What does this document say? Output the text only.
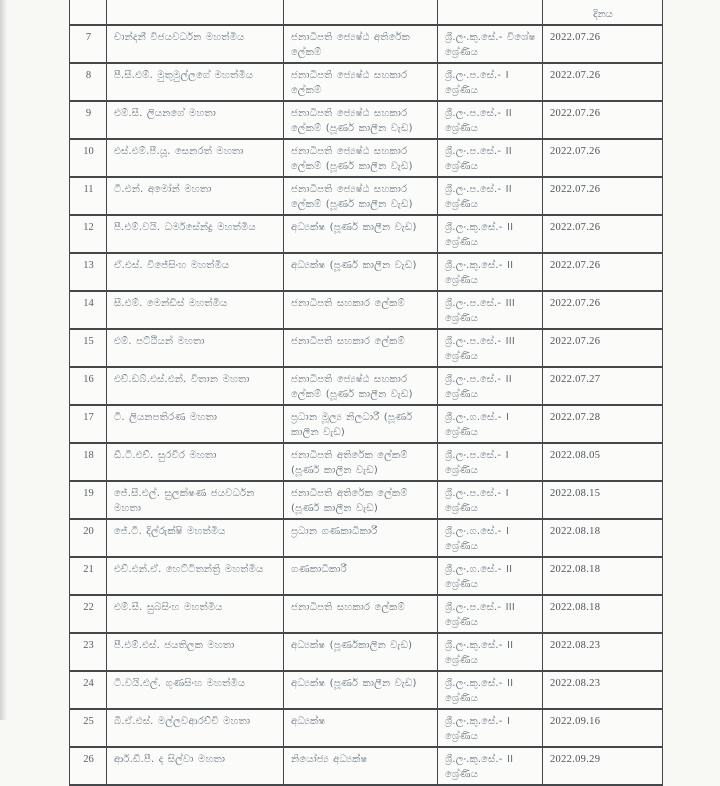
				දිනය
7	චාන්දනී විජයවර්ධන මහත්මිය	ජනාධිපති ජ්‍යෙෂ්ඨ අතිරේක ලේකම්	ශ්‍රී.ලං.කු.සේ.- විශේෂ ශ්‍රේණිය	2022.07.26
8	පී.සී.එම්. මුතුමුල්ලගේ මහත්මිය	ජනාධිපති ජ්‍යෙෂ්ඨ සහකාර ලේකම්	ශ්‍රී.ලං.ප.සේ.- I ශ්‍රේණිය	2022.07.26
9	එම්.සී. ලියනගේ මහතා	ජනාධිපති ජ්‍යෙෂ්ඨ සහකාර ලේකම් (පූර්ණ කාලීන වැඩ)	ශ්‍රී.ලං.ප.සේ.- II ශ්‍රේණිය	2022.07.26
10	එස්.එම්.පී.යූ. සෙනරත් මහතා	ජනාධිපති ජ්‍යෙෂ්ඨ සහකාර ලේකම් (පූර්ණ කාලීන වැඩ)	ශ්‍රී.ලං.ප.සේ.- II ශ්‍රේණිය	2022.07.26
11	ටී.එන්. අමෝන් මහතා	ජනාධිපති ජ්‍යෙෂ්ඨ සහකාර ලේකම් (පූර්ණ කාලීන වැඩ)	ශ්‍රී.ලං.ප.සේ.- II ශ්‍රේණිය	2022.07.26
12	පී.එම්.වයි. ධර්මසේන්ද්‍ර මහත්මිය	අධ්‍යක්ෂ (පූර්ණ කාලීන වැඩ)	ශ්‍රී.ලං.කු.සේ.- II ශ්‍රේණිය	2022.07.26
13	ඒ.එස්. විජේසිංහ මහත්මිය	අධ්‍යක්ෂ (පූර්ණ කාලීන වැඩ)	ශ්‍රී.ලං.කු.සේ.- II ශ්‍රේණිය	2022.07.26
14	සී.එම්. මෙන්ඩිස් මහත්මිය	ජනාධිපති සහකාර ලේකම්	ශ්‍රී.ලං.ප.සේ.- III ශ්‍රේණිය	2022.07.26
15	එම්. පට්ඨියන් මහතා	ජනාධිපති සහකාර ලේකම්	ශ්‍රී.ලං.ප.සේ.- III ශ්‍රේණිය	2022.07.26
16	එච්.ඩබ්.එස්.එන්. විතාන මහතා	ජනාධිපති ජ්‍යෙෂ්ඨ සහකාර ලේකම් (පූර්ණ කාලීන වැඩ)	ශ්‍රී.ලං.ප.සේ.- II ශ්‍රේණිය	2022.07.27
17	ටී. ලියනපතිරණ මහතා	ප්‍රධාන මූල්‍ය නිලධාරී (පූර්ණ කාලීන වැඩ)	ශ්‍රී.ලං.ග.සේ.- I ශ්‍රේණිය	2022.07.28
18	ඩී.ටී.එච්. සුරවීර මහතා	ජනාධිපති අතිරේක ලේකම් (පූර්ණ කාලීන වැඩ)	ශ්‍රී.ලං.ප.සේ.- I ශ්‍රේණිය	2022.08.05
19	ජේ.සී.එල්. සුලක්ෂණ ජයවර්ධන මහතා	ජනාධිපති අතිරේක ලේකම් (පූර්ණ කාලීන වැඩ)	ශ්‍රී.ලං.ප.සේ.- I ශ්‍රේණිය	2022.08.15
20	ජේ.ටී. දිල්රුක්ෂි මහත්මිය	ප්‍රධාන ගණකාධිකාරී	ශ්‍රී.ලං.ග.සේ.- I ශ්‍රේණිය	2022.08.18
21	එච්.එන්.ඒ. හෙට්ටිතන්ත්‍රි මහත්මිය	ගණකාධිකාරී	ශ්‍රී.ලං.ග.සේ.- II ශ්‍රේණිය	2022.08.18
22	එම්.සී. සුබසිංහ මහත්මිය	ජනාධිපති සහකාර ලේකම්	ශ්‍රී.ලං.ප.සේ.- III ශ්‍රේණිය	2022.08.18
23	පී.එම්.එස්. ජයතිලක මහතා	අධ්‍යක්ෂ (පූර්ණකාලීන වැඩ)	ශ්‍රී.ලං.කු.සේ.- II ශ්‍රේණිය	2022.08.23
24	ටී.වයි.එල්. ගුණසිංහ මහත්මිය	අධ්‍යක්ෂ (පූර්ණ කාලීන වැඩ)	ශ්‍රී.ලං.කු.සේ.- II ශ්‍රේණිය	2022.08.23
25	බී.ඒ.එස්. මල්ලවආරච්චි මහතා	අධ්‍යක්ෂ	ශ්‍රී.ලං.කු.සේ.- I ශ්‍රේණිය	2022.09.16
26	ආර්.ඩී.පී. ද සිල්වා මහතා	නියෝජ්‍ය අධ්‍යක්ෂ	ශ්‍රී.ලං.කු.සේ.- II ශ්‍රේණිය	2022.09.29
